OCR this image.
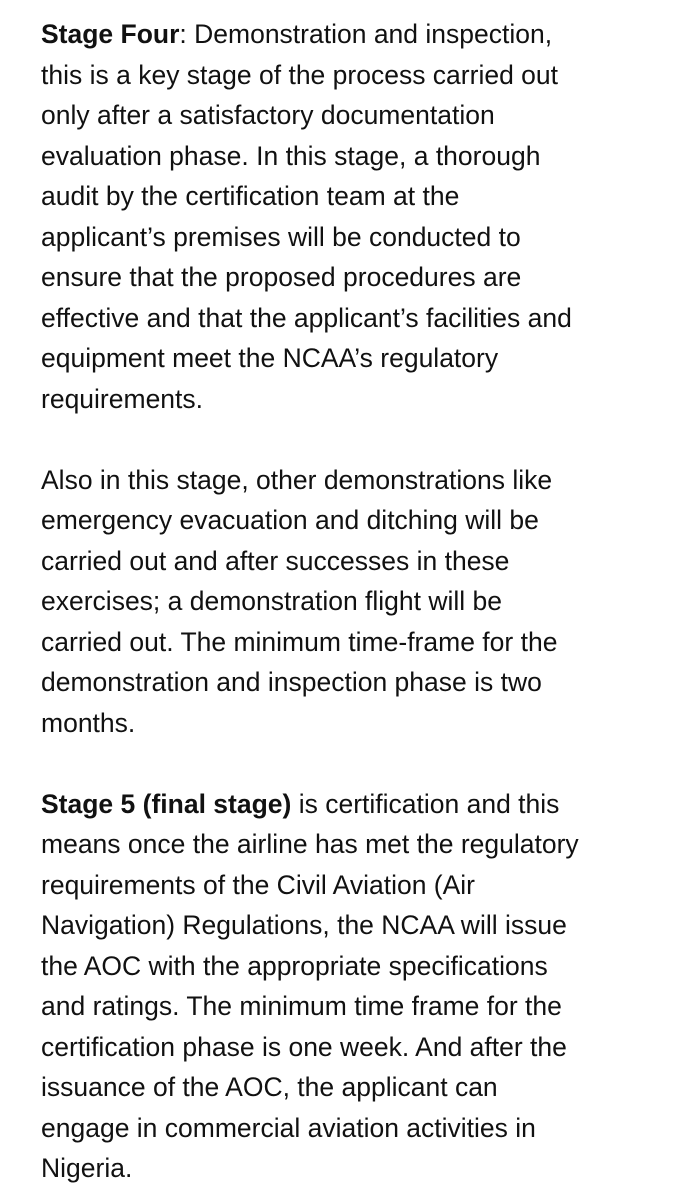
Stage Four: Demonstration and inspection,
this is a key stage of the process carried out
only after a satisfactory documentation
evaluation phase. In this stage, a thorough
audit by the certification team at the
applicant’s premises will be conducted to
ensure that the proposed procedures are
effective and that the applicant’s facilities and
equipment meet the NCAA’s regulatory
requirements.

Also in this stage, other demonstrations like
emergency evacuation and ditching will be
carried out and after successes in these
exercises; a demonstration flight will be
carried out. The minimum time-frame for the
demonstration and inspection phase is two
months.

Stage 5 (final stage) is certification and this
means once the airline has met the regulatory
requirements of the Civil Aviation (Air
Navigation) Regulations, the NCAA will issue
the AOC with the appropriate specifications
and ratings. The minimum time frame for the
certification phase is one week. And after the
issuance of the AOC, the applicant can
engage in commercial aviation activities in
Nigeria.
